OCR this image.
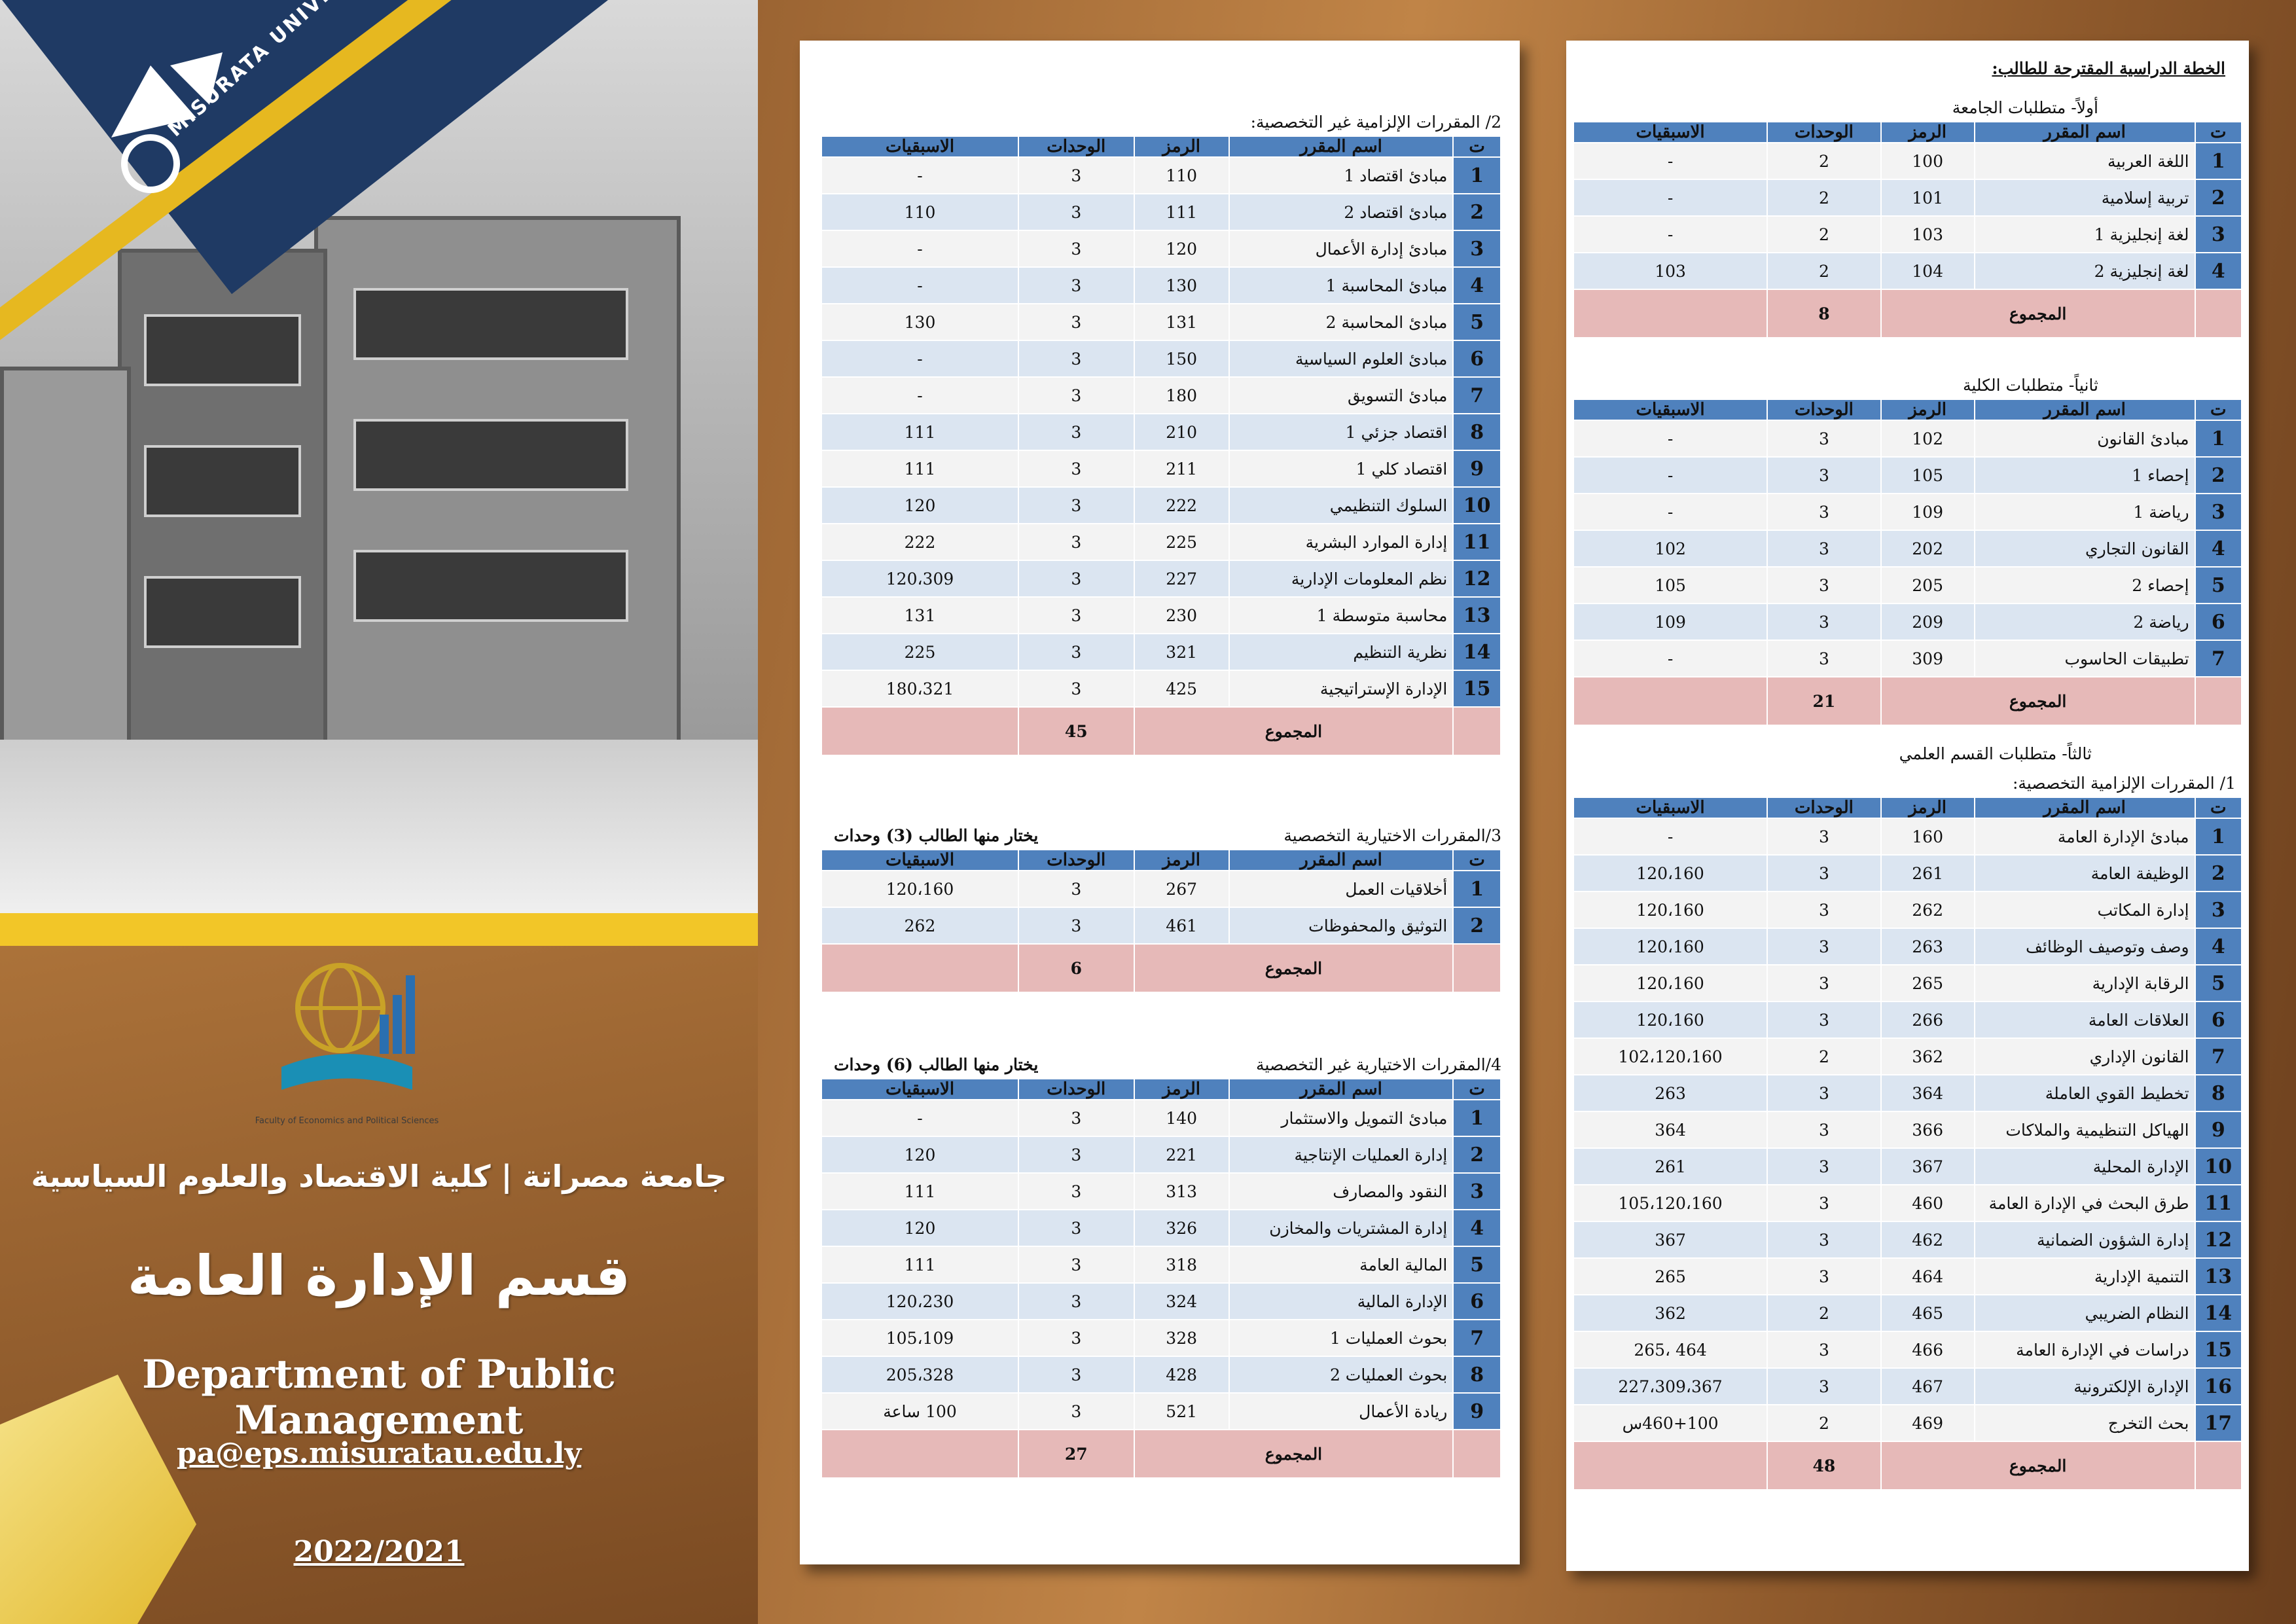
Faculty of Economics and Political Sciences
جامعة مصراتة | كلية الاقتصاد والعلوم السياسية
قسم الإدارة العامة
Department of Public Management
pa@eps.misuratau.edu.ly
2022/2021
2/ المقررات الإلزامية غير التخصصية:
ت	اسم المقرر	الرمز	الوحدات	الاسبقيات
1	مبادئ اقتصاد 1	110	3	-
2	مبادئ اقتصاد 2	111	3	110
3	مبادئ إدارة الأعمال	120	3	-
4	مبادئ المحاسبة 1	130	3	-
5	مبادئ المحاسبة 2	131	3	130
6	مبادئ العلوم السياسية	150	3	-
7	مبادئ التسويق	180	3	-
8	اقتصاد جزئي 1	210	3	111
9	اقتصاد كلي 1	211	3	111
10	السلوك التنظيمي	222	3	120
11	إدارة الموارد البشرية	225	3	222
12	نظم المعلومات الإدارية	227	3	120،309
13	محاسبة متوسطة 1	230	3	131
14	نظرية التنظيم	321	3	225
15	الإدارة الإستراتيجية	425	3	180،321
	المجموع		45	
3/المقررات الاختيارية التخصصية
يختار منها الطالب (3) وحدات
ت	اسم المقرر	الرمز	الوحدات	الاسبقيات
1	أخلاقيات العمل	267	3	120،160
2	التوثيق والمحفوظات	461	3	262
	المجموع		6	
4/المقررات الاختيارية غير التخصصية
يختار منها الطالب (6) وحدات
ت	اسم المقرر	الرمز	الوحدات	الاسبقيات
1	مبادئ التمويل والاستثمار	140	3	-
2	إدارة العمليات الإنتاجية	221	3	120
3	النقود والمصارف	313	3	111
4	إدارة المشتريات والمخازن	326	3	120
5	المالية العامة	318	3	111
6	الإدارة المالية	324	3	120،230
7	بحوث العمليات 1	328	3	105،109
8	بحوث العمليات 2	428	3	205،328
9	ريادة الأعمال	521	3	100 ساعة
	المجموع		27	
الخطة الدراسية المقترحة للطالب:
أولاً- متطلبات الجامعة
ت	اسم المقرر	الرمز	الوحدات	الاسبقيات
1	اللغة العربية	100	2	-
2	تربية إسلامية	101	2	-
3	لغة إنجليزية 1	103	2	-
4	لغة إنجليزية 2	104	2	103
	المجموع		8	
ثانياً- متطلبات الكلية
ت	اسم المقرر	الرمز	الوحدات	الاسبقيات
1	مبادئ القانون	102	3	-
2	إحصاء 1	105	3	-
3	رياضة 1	109	3	-
4	القانون التجاري	202	3	102
5	إحصاء 2	205	3	105
6	رياضة 2	209	3	109
7	تطبيقات الحاسوب	309	3	-
	المجموع		21	
ثالثاً- متطلبات القسم العلمي
1/ المقررات الإلزامية التخصصية:
ت	اسم المقرر	الرمز	الوحدات	الاسبقيات
1	مبادئ الإدارة العامة	160	3	-
2	الوظيفة العامة	261	3	120،160
3	إدارة المكاتب	262	3	120،160
4	وصف وتوصيف الوظائف	263	3	120،160
5	الرقابة الإدارية	265	3	120،160
6	العلاقات العامة	266	3	120،160
7	القانون الإداري	362	2	102،120،160
8	تخطيط القوي العاملة	364	3	263
9	الهياكل التنظيمية والملاكات	366	3	364
10	الإدارة المحلية	367	3	261
11	طرق البحث في الإدارة العامة	460	3	105،120،160
12	إدارة الشؤون الضمانية	462	3	367
13	التنمية الإدارية	464	3	265
14	النظام الضريبي	465	2	362
15	دراسات في الإدارة العامة	466	3	464 ،265
16	الإدارة الإلكترونية	467	3	227،309،367
17	بحث التخرج	469	2	460+100س
	المجموع		48	
